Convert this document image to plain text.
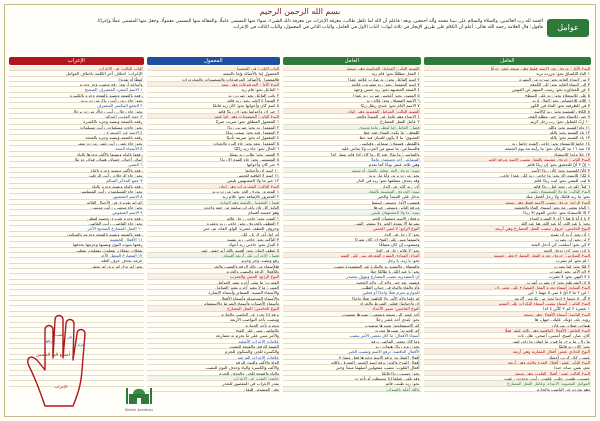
بسم الله الرحمن الرحيم
عوامل
الحمد لله رب العالمين، والصلاة والسلام على نبينا محمد وآله أجمعين، وبعد: فاعلم أن الله لما تكفل طالب، معرفة الإعراب من معرفة ذلك الشيء، سواء منها المسمى عاملًا، والمقالة منها المسمى معمولًا، وجعل منها المسمى عملًا وإعرابًا.
فأقول: قال العلامة رحمه الله تعالى: أعلم أن الكلام على طريق الإيجاز في ثلاثة أبواب: الباب الأول في العامل، والباب الثاني في المعمول، والباب الثالث في الإعراب.
العامل
النوع الأول: حروف تجر الاسم فقط وهي سبعة عشر حرفًا
١ الباء للإلصاق نحو: مررت بزيد
٢ من لابتداء الغاية نحو: سرت من البصرة
٣ إلى لانتهاء الغاية نحو: إلى الكوفة
٤ عن للمجاوزة نحو: رميت السهم عن القوس
٥ على للاستعلاء نحو: زيد على السطح
٦ اللام للاختصاص نحو: المال لزيد
٧ في للظرفية نحو: الماء في الكوز
٨ الكاف للتشبيه نحو: زيد كالأسد
٩ حتى للانتهاء نحو: حتى مطلع الفجر
١٠ رُبّ للتقليل نحو: رب رجل كريم
١١ واو القسم نحو: والله
١٢ تاء القسم نحو: تالله
١٣ باء القسم نحو: بالله
١٤ حاشا للاستثناء نحو: جاءني القوم حاشا زيد
١٥ منذ ١٦ مذ للزمان نحو: ما رأيته مذ يوم الجمعة
١٧ خلا وعدا للاستثناء
النوع الثاني: حروف مشبهة بالفعل تنصب الاسم وترفع الخبر
١ إنّ ٢ أنّ للتحقيق نحو: إن زيدًا قائم
٣ كأنّ للتشبيه نحو: كأن زيدًا الأسد
٤ لكنّ للاستدراك نحو: ما جاءني زيد لكن عمرًا جاءني
٥ ليت للتمني نحو: ليت زيدًا قائم
٦ لعلّ للترجي نحو: لعل زيدًا قائم
النوع الثالث: ما ولا المشبهتان بليس
نحو: ما زيد قائمًا، ولا رجل أفضل منك
النوع الرابع: حروف تنصب الاسم فقط وهي سبعة
١ الواو بمعنى مع نحو: استوى الماء والخشبة
٢ إلا للاستثناء نحو: جاءني القوم إلا زيدًا
٣ يا ٤ أيا ٥ هيا ٦ أي ٧ الهمزة للنداء
نحو: يا عبد الله، أيا عبد الله، هيا عبد الله
النوع الخامس: حروف تنصب الفعل المضارع وهي أربعة
١ أن نحو: أريد أن تقوم
٢ لن نحو: لن يضرب
٣ كي نحو: أسلمت كي أدخل الجنة
٤ إذن نحو: إذن تدخل الجنة
النوع السادس: حروف تجزم الفعل المضارع وهي خمسة
١ لم نحو: لم يضرب
٢ لمّا نحو: لما يضرب
٣ لام الأمر نحو: ليضرب
٤ لا النهي نحو: لا تضرب
٥ إن الشرطية نحو: إن تضرب أضرب
النوع السابع: أسماء تجزم الفعل المضارع على معنى إن
١ مَن ٢ ما ٣ أيّ ٤ متى ٥ مهما ٦ أين
٧ أنّى ٨ حيثما ٩ إذما نحو: من يكرمني أكرمه
النوع الثامن: أسماء تنصب أسماء النكرات على التمييز
١ عشرة ٢ كم ٣ كأيّن ٤ كذا
النوع التاسع: أسماء الأفعال وهي تسعة
رويد، بله، دونك، عليك، حيهل، ها
هيهات، شتان، سرعان
النوع العاشر: الأفعال الناقصة وهي ثلاثة عشر فعلًا
كان، صار، أصبح، أمسى، أضحى، ظل، بات
ما زال، ما برح، ما فتئ، ما انفك، ما دام، ليس
نحو: كان زيد قائمًا
النوع الحادي عشر: أفعال المقاربة وهي أربعة
عسى، كاد، كرب، أوشك
النوع الثاني عشر: أفعال المدح والذم وهي أربعة
نعم، بئس، ساء، حبذا
النوع الثالث عشر: أفعال القلوب وهي سبعة
حسبت، ظننت، خلت، علمت، رأيت، وجدت، زعمت
العوامل المعنوية: الابتداء، وعامل الفعل المضارع
وهو تجرده عن الناصب والجازم
العامل
القسم الثاني: العوامل القياسية وهي سبعة
١ الفعل مطلقًا نحو: قام زيد
٢ اسم الفاعل نحو: زيد ضارب غلامه عمرًا
٣ اسم المفعول نحو: زيد مضروب غلامه
٤ الصفة المشبهة نحو: زيد حسن وجهه
٥ المصدر نحو: أعجبني ضرب زيد عمرًا
٦ الاسم المضاف نحو: غلام زيد
٧ الاسم التام نحو: عندي رطل زيتًا
القسم الثالث: العوامل المعنوية وهي اثنان
١ الابتداء وهو عامل في المبتدأ والخبر
٢ عامل الفعل المضارع
فصل: العامل إما لفظي وإما معنوي
اللفظي: ما يكون للسان فيه حظ
المعنوي: ما لا يكون للسان فيه حظ
واللفظي قسمان: سماعي وقياسي
فالسماعي: ما سمع من العرب ولا يقاس عليه
والقياسي: ما يقال فيه كل ما كان كذا فإنه يعمل كذا
السماعي أحد وتسعون عاملًا
وهي ثلاثة عشر نوعًا كما تقدم
تنبيه: حروف الجر تتعلق بالفعل أو شبهه
نحو: مررت بزيد، وأنا مار بزيد
وقد يحذف متعلقها نحو: زيد في الدار
أي: زيد كائن في الدار
تنبيه: الحروف المشبهة بالفعل
تدخل على المبتدأ والخبر
فتنصب الأول ويسمى اسمها
وترفع الثاني ويسمى خبرها
تنبيه: ما ولا المشبهتان بليس
ترفعان الاسم وتنصبان الخبر
بشرط ألا يتقدم الخبر ولا ينتقض النفي
النوع الرابع: لا لنفي الجنس
نحو: لا رجل في الدار
واسمها مبني على الفتح إن كان مفردًا
ومنصوب إن كان مضافًا
نحو: لا غلام رجل في الدار
النداء: المنادى المفرد المعرفة يبنى على الضم
نحو: يا زيد، يا رجل
والمضاف والشبيه به والنكرة غير المقصودة تنصب
نحو: يا عبد الله، يا طالعًا جبلًا
أن المصدرية تنصب المضارع وتؤول بمصدر
وتضمر بعد حتى ولام كي ولام الجحود
وأو والفاء والواو في جواب الطلب
الجوازم تجزم فعلًا واحدًا أو فعلين
لم ولما ولام الأمر ولا الناهية: فعلًا واحدًا
إن وأخواتها: فعلين الشرط والجزاء
النوع الخامس: تمييز الأعداد
أحد عشر إلى تسعة وتسعين: تمييزها منصوب
نحو: عندي أحد عشر رجلًا
كم الاستفهامية: تمييزها منصوب
كم الخبرية: تمييزها مجرور
أسماء الأفعال: ما كان بمعنى الأمر ينصب
وما كان بمعنى الماضي يرفع
نحو: رويد زيدًا، هيهات زيد
الأفعال الناقصة: ترفع الاسم وتنصب الخبر
أفعال المقاربة: ترفع الاسم وخبرها فعل مضارع
أفعال المدح والذم: ترفع اسم الجنس المعرف باللام
أفعال القلوب: تنصب مفعولين أصلهما مبتدأ وخبر
نحو: حسبت زيدًا قائمًا
وقد يلغى عملها إذا توسطت أو تأخرت
نحو: زيد ظننت قائم
والله أعلم بالصواب
المعمول
الباب الثاني: في المعمول
المعمول إما بالأصالة وإما بالتبعية
فالمعمول بالأصالة: المرفوعات والمنصوبات والمجرورات
النوع الأول: المرفوعات وهي ستة
١ الفاعل نحو: قام زيد
٢ نائب الفاعل نحو: ضرب زيد
٣ المبتدأ ٤ الخبر نحو: زيد قائم
٥ اسم كان وأخواتها نحو: كان زيد قائمًا
٦ خبر إن وأخواتها نحو: إن زيدًا قائم
النوع الثاني: المنصوبات وهي اثنا عشر
١ المفعول المطلق نحو: ضربت ضربًا
٢ المفعول به نحو: ضربت زيدًا
٣ المفعول فيه نحو: صمت يومًا
٤ المفعول له نحو: ضربته تأديبًا
٥ المفعول معه نحو: جاء البرد والجبات
٦ الحال نحو: جاء زيد راكبًا
٧ التمييز نحو: طاب زيد نفسًا
٨ المستثنى نحو: جاء القوم إلا زيدًا
٩ خبر كان وأخواتها
١٠ اسم إن وأخواتها
١١ اسم لا النافية للجنس
١٢ خبر ما ولا المشبهتين بليس
النوع الثالث: المجرورات وهي اثنان
١ المجرور بحرف الجر نحو: مررت بزيد
٢ المجرور بالإضافة نحو: غلام زيد
فصل: المعمول بالتبعية وهو التوابع
التابع: كل ثان بإعراب سابقه من جهة واحدة
وهو خمسة أقسام
١ النعت نحو: جاءني رجل عالم
٢ العطف بالحروف نحو: جاءني زيد وعمرو
وحروف العطف عشرة: الواو، الفاء، ثم، حتى
أو، إما، أم، لا، بل، لكن
٣ التأكيد نحو: جاءني زيد نفسه
٤ البدل نحو: جاءني زيد أخوك
٥ عطف البيان نحو: أقسم بالله أبو حفص عمر
فصل: الإعراب على أربعة أقسام
رفع ونصب وجر وجزم
فللأسماء من ذلك الرفع والنصب والجر
وللأفعال الرفع والنصب والجزم
النوع الرابع: المبني والمعرب
المعرب: ما يتغير آخره بتغير العوامل
المبني: ما لا يتغير آخره بتغير العوامل
والأسماء المبنية: الضمائر وأسماء الإشارة
والأسماء الموصولة وأسماء الأفعال
وأسماء الأصوات وأسماء الشرط والاستفهام
النوع الخامس: الفعل المضارع
يرفع إذا تجرد عن الناصب والجازم
وينصب بأحد النواصب الأربعة
ويجزم بأحد الجوازم
والماضي مبني على الفتح
والأمر مبني على ما يجزم به مضارعه
علامات الإعراب الأصلية
الضمة للرفع، والفتحة للنصب
والكسرة للجر، والسكون للجزم
علامات الإعراب الفرعية
الواو والألف والنون للرفع
والألف والكسرة والياء وحذف النون للنصب
والياء والفتحة للجر، والحذف للجزم
خاتمة: التقدير في الإعراب
يقدر الإعراب في المقصور للتعذر
وفي المنقوص للثقل
الإعراب
الباب الثالث: في الإعراب
الإعراب: اختلاف آخر الكلمة باختلاف العوامل
لفظًا أو تقديرًا
وأنواعه أربعة: رفع ونصب وجر وجزم
١ الاسم المفرد المنصرف الصحيح
رفعه بالضمة ونصبه بالفتحة وجره بالكسرة
نحو: جاء زيد، رأيت زيدًا، مررت بزيد
٢ الجمع المكسر المنصرف
نحو: جاء رجال، رأيت رجالًا، مررت برجال
٣ جمع المؤنث السالم
رفعه بالضمة ونصبه وجره بالكسرة
نحو: جاءت مسلمات، رأيت مسلمات
٤ الاسم غير المنصرف
رفعه بالضمة ونصبه وجره بالفتحة
نحو: جاء عمر، رأيت عمر، مررت بعمر
٥ الأسماء الستة
رفعها بالواو ونصبها بالألف وجرها بالياء
أبوك، أخوك، حموك، هنوك، فوك، ذو مال
٦ المثنى
رفعه بالألف ونصبه وجره بالياء
نحو: جاء الرجلان، رأيت الرجلين
٧ جمع المذكر السالم
رفعه بالواو ونصبه وجره بالياء
نحو: جاء المسلمون، رأيت المسلمين
٨ الاسم المقصور
إعرابه تقديري في الأحوال الثلاثة
نحو: جاء موسى، رأيت موسى
٩ الاسم المنقوص
رفعه وجره تقديري ونصبه لفظي
نحو: جاء القاضي، رأيت القاضي
١٠ الفعل المضارع الصحيح الآخر
رفعه بالضمة ونصبه بالفتحة وجزمه بالسكون
١١ الأفعال الخمسة
رفعها بثبوت النون ونصبها وجزمها بحذفها
يفعلان، تفعلان، يفعلون، تفعلون، تفعلين
١٢ المضارع المعتل الآخر
جزمه بحذف حرف العلة
نحو: لم يدع، لم يرم، لم يخش
رفع
نصب جر
جزم
الإعراب
أصابع اليد الخمس
Sheikh Academy
